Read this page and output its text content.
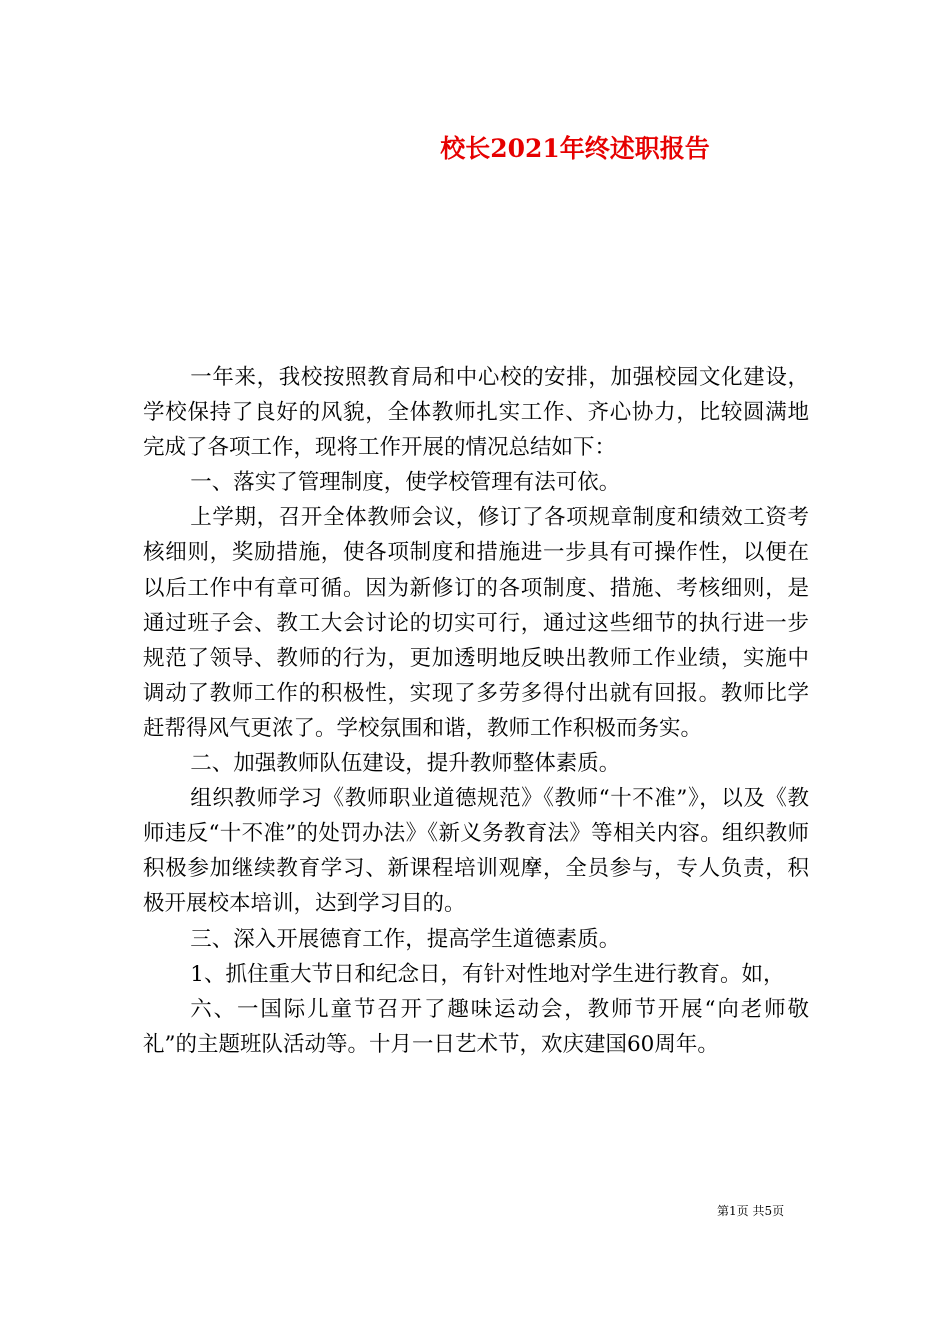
校长2021年终述职报告

一年来，我校按照教育局和中心校的安排，加强校园文化建设，学校保持了良好的风貌，全体教师扎实工作、齐心协力，比较圆满地完成了各项工作，现将工作开展的情况总结如下：

一、落实了管理制度，使学校管理有法可依。

上学期，召开全体教师会议，修订了各项规章制度和绩效工资考核细则，奖励措施，使各项制度和措施进一步具有可操作性，以便在以后工作中有章可循。因为新修订的各项制度、措施、考核细则，是通过班子会、教工大会讨论的切实可行，通过这些细节的执行进一步规范了领导、教师的行为，更加透明地反映出教师工作业绩，实施中调动了教师工作的积极性，实现了多劳多得付出就有回报。教师比学赶帮得风气更浓了。学校氛围和谐，教师工作积极而务实。

二、加强教师队伍建设，提升教师整体素质。

组织教师学习《教师职业道德规范》《教师“十不准”》，以及《教师违反“十不准”的处罚办法》《新义务教育法》等相关内容。组织教师积极参加继续教育学习、新课程培训观摩，全员参与，专人负责，积极开展校本培训，达到学习目的。

三、深入开展德育工作，提高学生道德素质。

1、抓住重大节日和纪念日，有针对性地对学生进行教育。如，

六、一国际儿童节召开了趣味运动会，教师节开展“向老师敬礼”的主题班队活动等。十月一日艺术节，欢庆建国60周年。

第1页 共5页
